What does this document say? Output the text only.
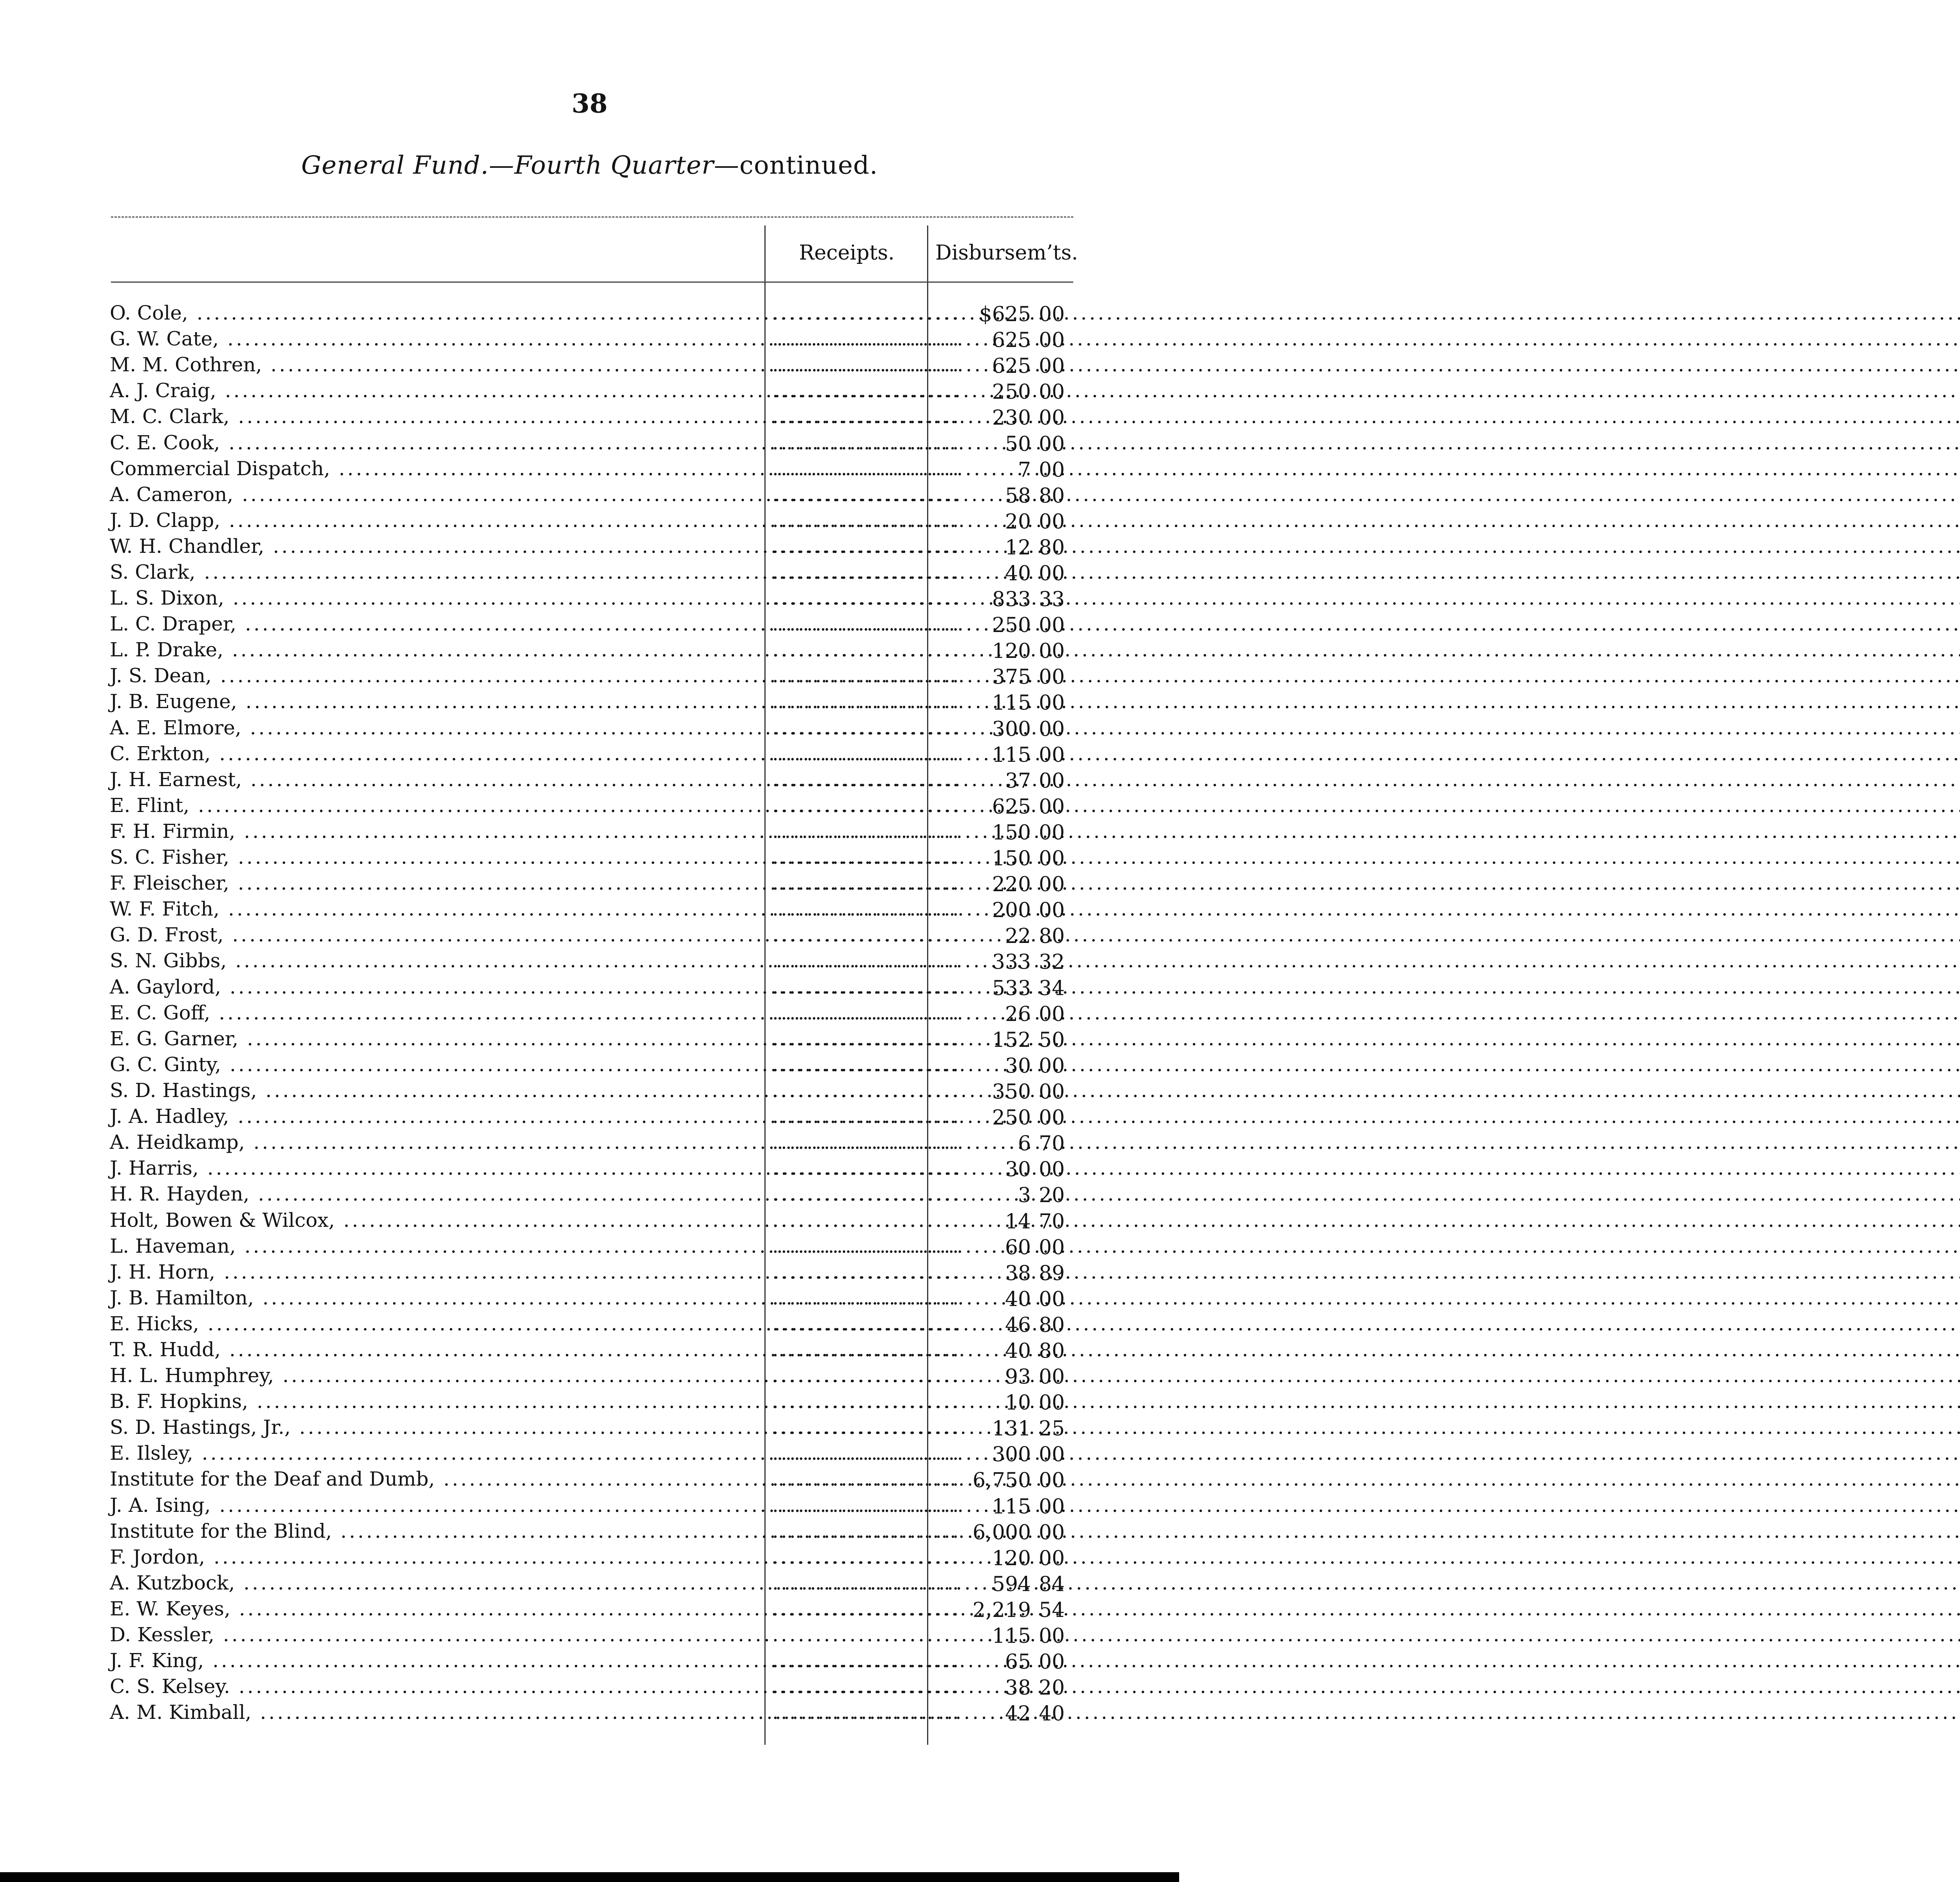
38
General Fund.—Fourth Quarter—continued.
Receipts.	Disbursem’ts.
O. Cole, .....	...................... $625 00
G. W. Cate, .....	...................... 625 00
M. M. Cothren, .....	...................... 625 00
A. J. Craig, .....	...................... 250 00
M. C. Clark, .....	...................... 230 00
C. E. Cook, .....	...................... 50 00
Commercial Dispatch, .....	......................	7 00
A. Cameron, .....	...................... 58 80
J. D. Clapp, .....	...................... 20 00
W. H. Chandler, .....	...................... 12 80
S. Clark, .....	...................... 40 00
L. S. Dixon, .....	...................... 833 33
L. C. Draper, .....	...................... 250 00
L. P. Drake, .....	...................... 120 00
J. S. Dean, .....	...................... 375 00
J. B. Eugene, .....	...................... 115 00
A. E. Elmore, .....	...................... 300 00
C. Erkton, .....	...................... 115 00
J. H. Earnest, .....	...................... 37 00
E. Flint, .....	...................... 625 00
F. H. Firmin, .....	...................... 150 00
S. C. Fisher, .....	...................... 150 00
F. Fleischer, .....	...................... 220 00
W. F. Fitch, .....	...................... 200 00
G. D. Frost, .....	...................... 22 80
S. N. Gibbs, .....	...................... 333 32
A. Gaylord, .....	...................... 533 34
E. C. Goff, .....	...................... 26 00
E. G. Garner, .....	...................... 152 50
G. C. Ginty, .....	...................... 30 00
S. D. Hastings, .....	...................... 350 00
J. A. Hadley, .....	...................... 250 00
A. Heidkamp, .....	......................	6 70
J. Harris, .....	...................... 30 00
H. R. Hayden, .....	......................	3 20
Holt, Bowen & Wilcox, .....	...................... 14 70
L. Haveman, .....	...................... 60 00
J. H. Horn, .....	...................... 38 89
J. B. Hamilton, .....	...................... 40 00
E. Hicks, .....	...................... 46 80
T. R. Hudd, .....	...................... 40 80
H. L. Humphrey, .....	...................... 93 00
B. F. Hopkins, .....	...................... 10 00
S. D. Hastings, Jr., .....	...................... 131 25
E. Ilsley, .....	...................... 300 00
Institute for the Deaf and Dumb, .....	...................... 6,750 00
J. A. Ising, .....	...................... 115 00
Institute for the Blind, .....	...................... 6,000 00
F. Jordon, .....	...................... 120 00
A. Kutzbock, .....	...................... 594 84
E. W. Keyes, .....	...................... 2,219 54
D. Kessler, .....	...................... 115 00
J. F. King, .....	...................... 65 00
C. S. Kelsey. .....	...................... 38 20
A. M. Kimball, .....	...................... 42 40
